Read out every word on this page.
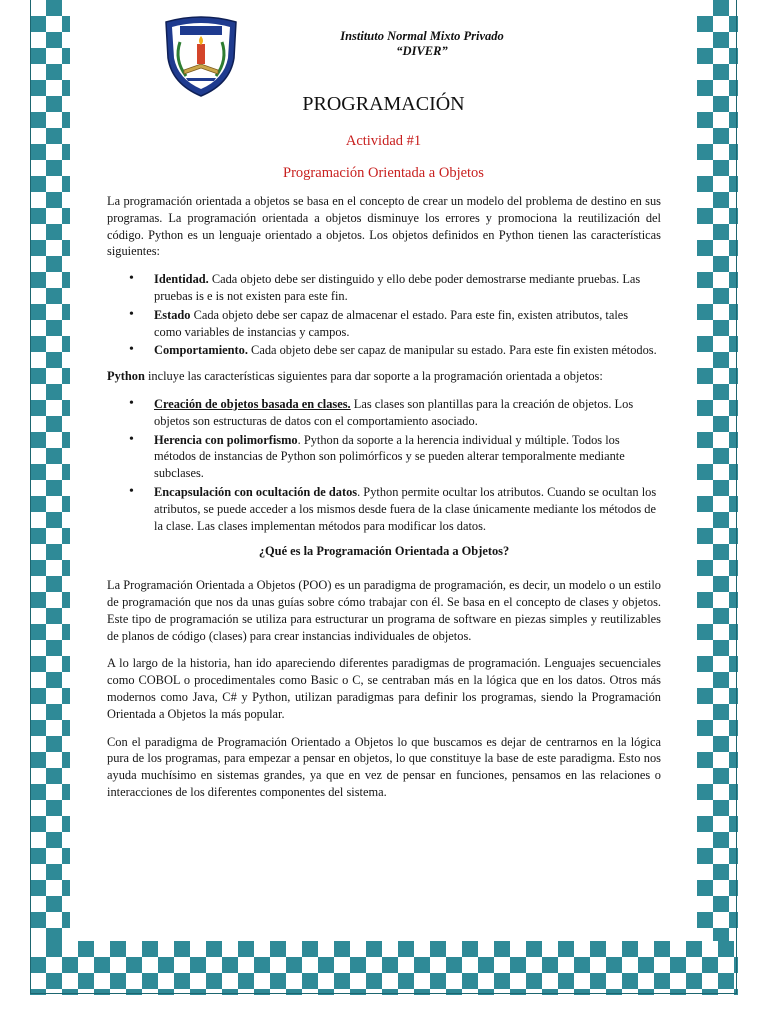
Instituto Normal Mixto Privado
“DIVER”
PROGRAMACIÓN
Actividad #1
Programación Orientada a Objetos

La programación orientada a objetos se basa en el concepto de crear un modelo del problema de destino en sus programas. La programación orientada a objetos disminuye los errores y promociona la reutilización del código. Python es un lenguaje orientado a objetos. Los objetos definidos en Python tienen las características siguientes:

• Identidad. Cada objeto debe ser distinguido y ello debe poder demostrarse mediante pruebas. Las pruebas is e is not existen para este fin.
• Estado Cada objeto debe ser capaz de almacenar el estado. Para este fin, existen atributos, tales como variables de instancias y campos.
• Comportamiento. Cada objeto debe ser capaz de manipular su estado. Para este fin existen métodos.

Python incluye las características siguientes para dar soporte a la programación orientada a objetos:

• Creación de objetos basada en clases. Las clases son plantillas para la creación de objetos. Los objetos son estructuras de datos con el comportamiento asociado.
• Herencia con polimorfismo. Python da soporte a la herencia individual y múltiple. Todos los métodos de instancias de Python son polimórficos y se pueden alterar temporalmente mediante subclases.
• Encapsulación con ocultación de datos. Python permite ocultar los atributos. Cuando se ocultan los atributos, se puede acceder a los mismos desde fuera de la clase únicamente mediante los métodos de la clase. Las clases implementan métodos para modificar los datos.

¿Qué es la Programación Orientada a Objetos?

La Programación Orientada a Objetos (POO) es un paradigma de programación, es decir, un modelo o un estilo de programación que nos da unas guías sobre cómo trabajar con él. Se basa en el concepto de clases y objetos. Este tipo de programación se utiliza para estructurar un programa de software en piezas simples y reutilizables de planos de código (clases) para crear instancias individuales de objetos.

A lo largo de la historia, han ido apareciendo diferentes paradigmas de programación. Lenguajes secuenciales como COBOL o procedimentales como Basic o C, se centraban más en la lógica que en los datos. Otros más modernos como Java, C# y Python, utilizan paradigmas para definir los programas, siendo la Programación Orientada a Objetos la más popular.

Con el paradigma de Programación Orientado a Objetos lo que buscamos es dejar de centrarnos en la lógica pura de los programas, para empezar a pensar en objetos, lo que constituye la base de este paradigma. Esto nos ayuda muchísimo en sistemas grandes, ya que en vez de pensar en funciones, pensamos en las relaciones o interacciones de los diferentes componentes del sistema.
